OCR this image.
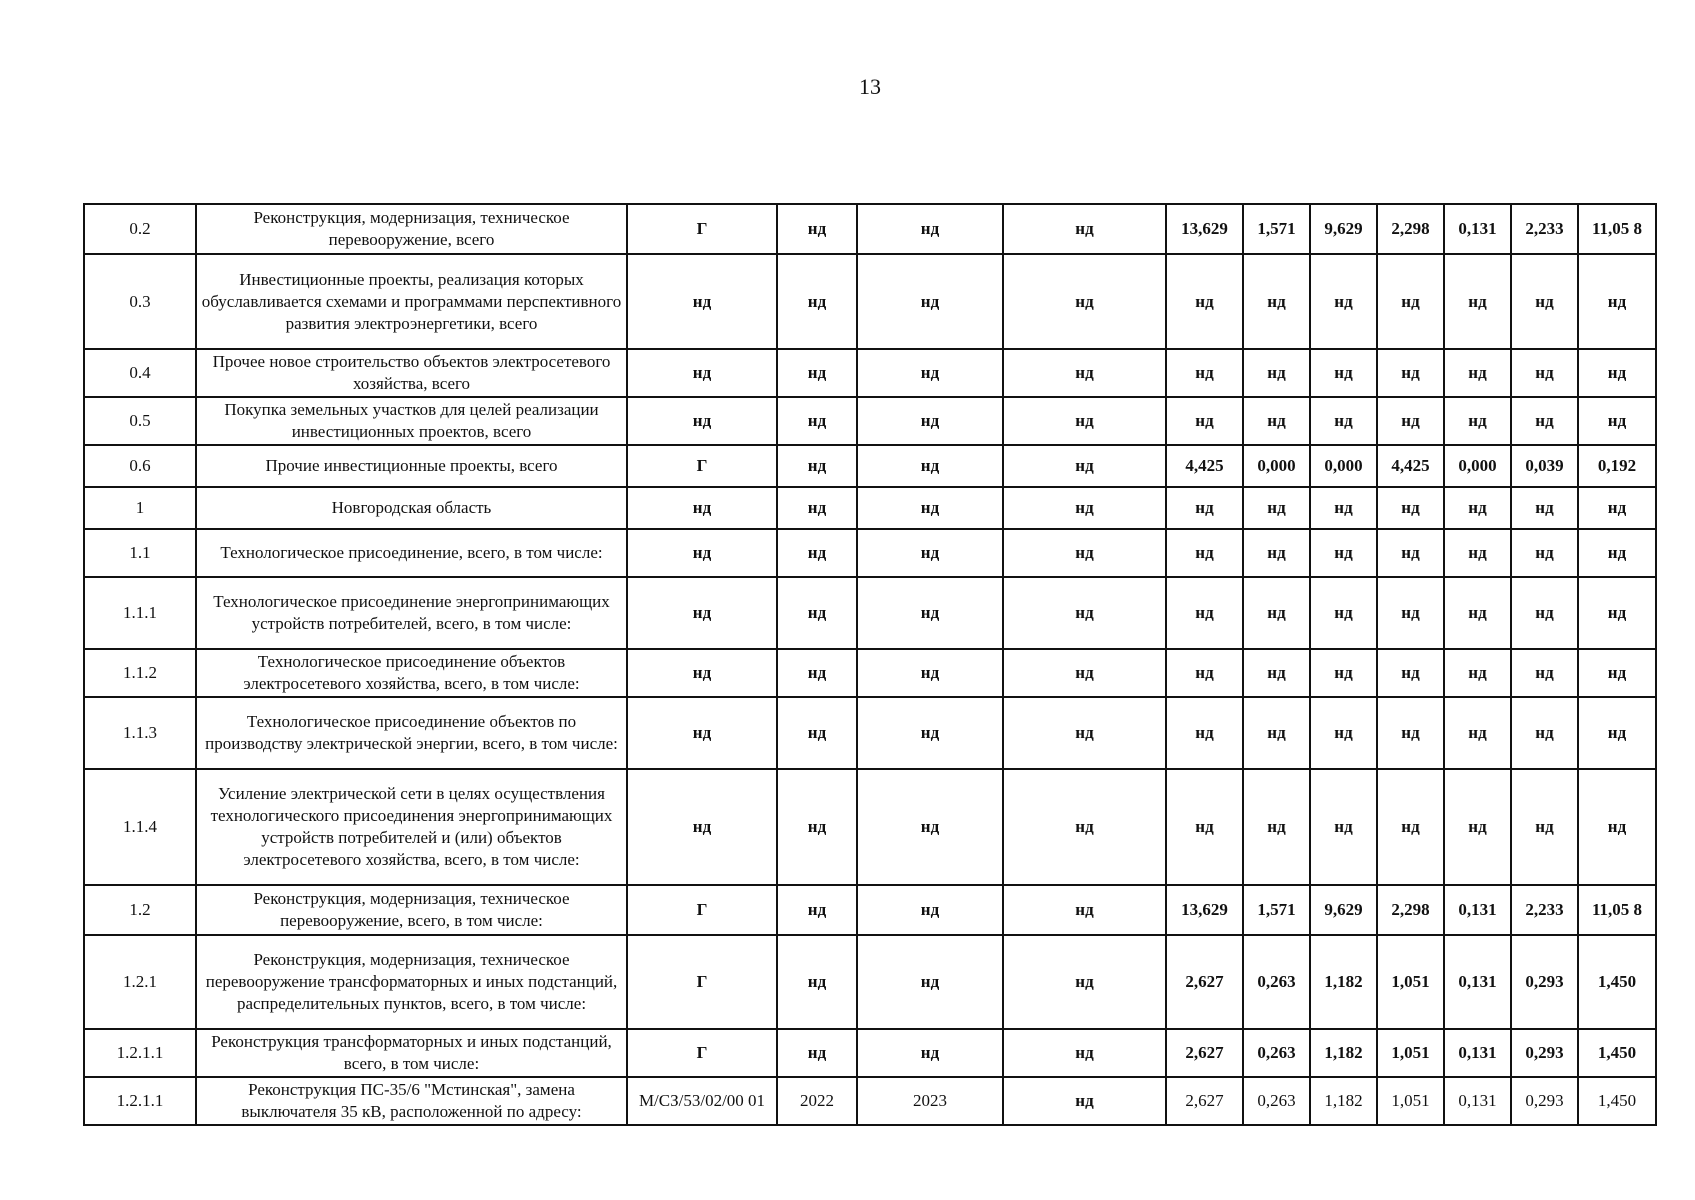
13
0.2	Реконструкция, модернизация, техническое перевооружение, всего	Г	нд	нд	нд	13,629	1,571	9,629	2,298	0,131	2,233	11,05 8
0.3	Инвестиционные проекты, реализация которых обуславливается схемами и программами перспективного развития электроэнергетики, всего	нд	нд	нд	нд	нд	нд	нд	нд	нд	нд	нд
0.4	Прочее новое строительство объектов электросетевого хозяйства, всего	нд	нд	нд	нд	нд	нд	нд	нд	нд	нд	нд
0.5	Покупка земельных участков для целей реализации инвестиционных проектов, всего	нд	нд	нд	нд	нд	нд	нд	нд	нд	нд	нд
0.6	Прочие инвестиционные проекты, всего	Г	нд	нд	нд	4,425	0,000	0,000	4,425	0,000	0,039	0,192
1	Новгородская область	нд	нд	нд	нд	нд	нд	нд	нд	нд	нд	нд
1.1	Технологическое присоединение, всего, в том числе:	нд	нд	нд	нд	нд	нд	нд	нд	нд	нд	нд
1.1.1	Технологическое присоединение энергопринимающих устройств потребителей, всего, в том числе:	нд	нд	нд	нд	нд	нд	нд	нд	нд	нд	нд
1.1.2	Технологическое присоединение объектов электросетевого хозяйства, всего, в том числе:	нд	нд	нд	нд	нд	нд	нд	нд	нд	нд	нд
1.1.3	Технологическое присоединение объектов по производству электрической энергии, всего, в том числе:	нд	нд	нд	нд	нд	нд	нд	нд	нд	нд	нд
1.1.4	Усиление электрической сети в целях осуществления технологического присоединения энергопринимающих устройств потребителей и (или) объектов электросетевого хозяйства, всего, в том числе:	нд	нд	нд	нд	нд	нд	нд	нд	нд	нд	нд
1.2	Реконструкция, модернизация, техническое перевооружение, всего, в том числе:	Г	нд	нд	нд	13,629	1,571	9,629	2,298	0,131	2,233	11,05 8
1.2.1	Реконструкция, модернизация, техническое перевооружение трансформаторных и иных подстанций, распределительных пунктов, всего, в том числе:	Г	нд	нд	нд	2,627	0,263	1,182	1,051	0,131	0,293	1,450
1.2.1.1	Реконструкция трансформаторных и иных подстанций, всего, в том числе:	Г	нд	нд	нд	2,627	0,263	1,182	1,051	0,131	0,293	1,450
1.2.1.1	Реконструкция ПС-35/6 "Мстинская", замена выключателя 35 кВ, расположенной по адресу:	М/СЗ/53/02/00 01	2022	2023	нд	2,627	0,263	1,182	1,051	0,131	0,293	1,450
